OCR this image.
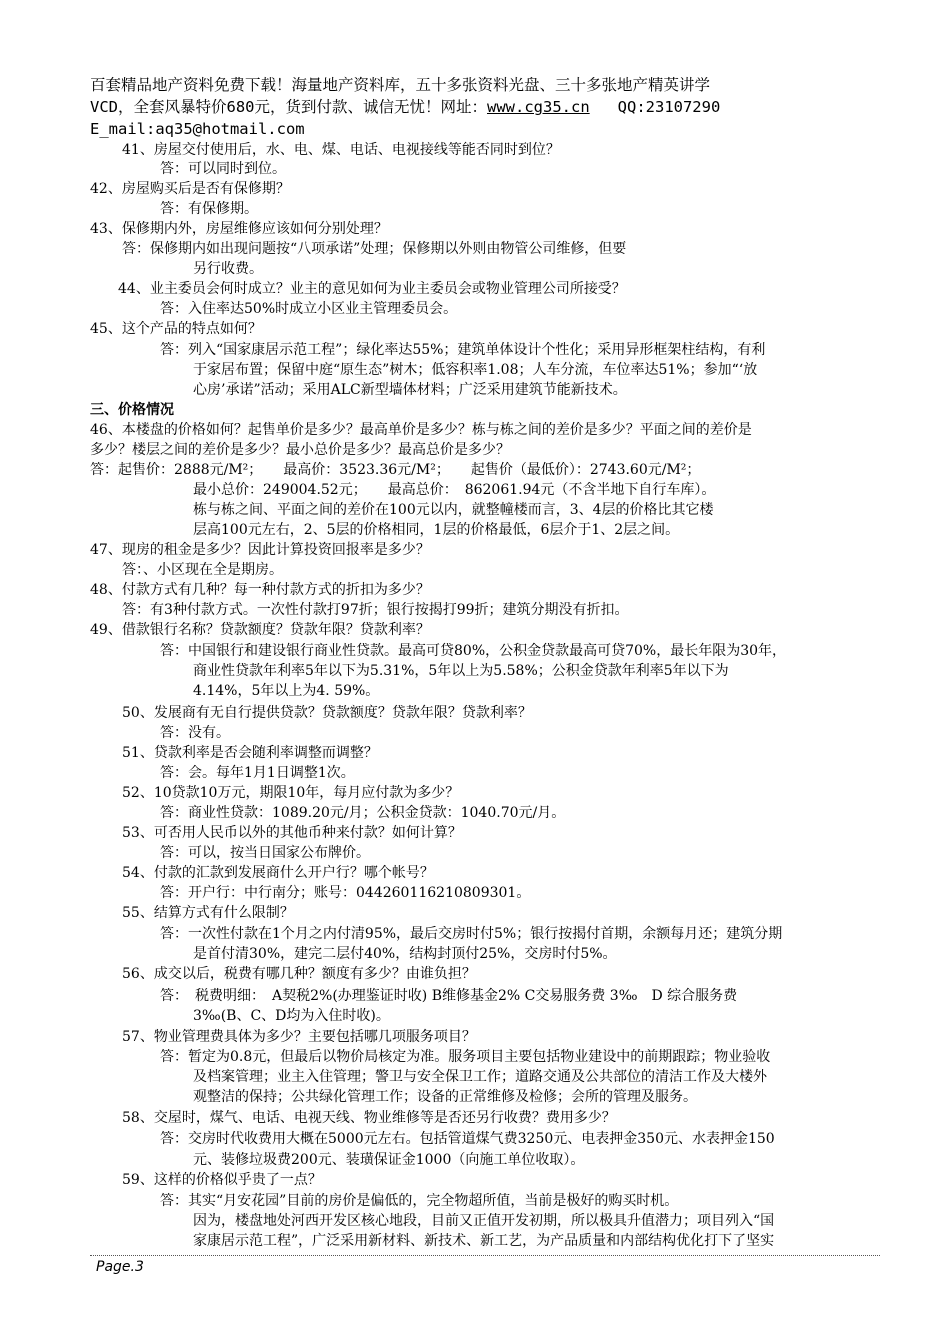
百套精品地产资料免费下载！海量地产资料库，五十多张资料光盘、三十多张地产精英讲学
VCD，全套风暴特价680元，货到付款、诚信无忧！网址：www.cg35.cn QQ:23107290
E_mail:aq35@hotmail.com
41、房屋交付使用后，水、电、煤、电话、电视接线等能否同时到位？
答：可以同时到位。
42、房屋购买后是否有保修期？
答：有保修期。
43、保修期内外，房屋维修应该如何分别处理？
答：保修期内如出现问题按“八项承诺”处理；保修期以外则由物管公司维修，但要
另行收费。
44、业主委员会何时成立？业主的意见如何为业主委员会或物业管理公司所接受？
答：入住率达50%时成立小区业主管理委员会。
45、这个产品的特点如何？
答：列入“国家康居示范工程”；绿化率达55%；建筑单体设计个性化；采用异形框架柱结构，有利
于家居布置；保留中庭“原生态”树木；低容积率1.08；人车分流，车位率达51%；参加“‘放
心房’承诺”活动；采用ALC新型墙体材料；广泛采用建筑节能新技术。
三、价格情况
46、本楼盘的价格如何？起售单价是多少？最高单价是多少？栋与栋之间的差价是多少？平面之间的差价是
多少？楼层之间的差价是多少？最小总价是多少？最高总价是多少？
答：起售价：2888元/M²；　　最高价：3523.36元/M²；　　起售价（最低价）：2743.60元/M²；
最小总价：249004.52元；　　最高总价：　862061.94元（不含半地下自行车库）。
栋与栋之间、平面之间的差价在100元以内，就整幢楼而言，3、4层的价格比其它楼
层高100元左右，2、5层的价格相同，1层的价格最低，6层介于1、2层之间。
47、现房的租金是多少？因此计算投资回报率是多少？
答：、小区现在全是期房。
48、付款方式有几种？每一种付款方式的折扣为多少？
答：有3种付款方式。一次性付款打97折；银行按揭打99折；建筑分期没有折扣。
49、借款银行名称？贷款额度？贷款年限？贷款利率？
答：中国银行和建设银行商业性贷款。最高可贷80%，公积金贷款最高可贷70%，最长年限为30年，
商业性贷款年利率5年以下为5.31%，5年以上为5.58%；公积金贷款年利率5年以下为
4.14%，5年以上为4. 59%。
50、发展商有无自行提供贷款？贷款额度？贷款年限？贷款利率？
答：没有。
51、贷款利率是否会随利率调整而调整？
答：会。每年1月1日调整1次。
52、10贷款10万元，期限10年，每月应付款为多少？
答：商业性贷款：1089.20元/月；公积金贷款：1040.70元/月。
53、可否用人民币以外的其他币种来付款？如何计算？
答：可以，按当日国家公布牌价。
54、付款的汇款到发展商什么开户行？哪个帐号？
答：开户行：中行南分；账号：044260116210809301。
55、结算方式有什么限制？
答：一次性付款在1个月之内付清95%，最后交房时付5%；银行按揭付首期，余额每月还；建筑分期
是首付清30%，建完二层付40%，结构封顶付25%，交房时付5%。
56、成交以后，税费有哪几种？额度有多少？由谁负担？
答：　税费明细：　A契税2%(办理鉴证时收) B维修基金2% C交易服务费 3‰　D 综合服务费
3‰(B、C、D均为入住时收)。
57、物业管理费具体为多少？主要包括哪几项服务项目？
答：暂定为0.8元，但最后以物价局核定为准。服务项目主要包括物业建设中的前期跟踪；物业验收
及档案管理；业主入住管理；警卫与安全保卫工作；道路交通及公共部位的清洁工作及大楼外
观整洁的保持；公共绿化管理工作；设备的正常维修及检修；会所的管理及服务。
58、交屋时，煤气、电话、电视天线、物业维修等是否还另行收费？费用多少？
答：交房时代收费用大概在5000元左右。包括管道煤气费3250元、电表押金350元、水表押金150
元、装修垃圾费200元、装璜保证金1000（向施工单位收取）。
59、这样的价格似乎贵了一点？
答：其实“月安花园”目前的房价是偏低的，完全物超所值，当前是极好的购买时机。
因为，楼盘地处河西开发区核心地段，目前又正值开发初期，所以极具升值潜力；项目列入“国
家康居示范工程”，广泛采用新材料、新技术、新工艺，为产品质量和内部结构优化打下了坚实
Page.3
